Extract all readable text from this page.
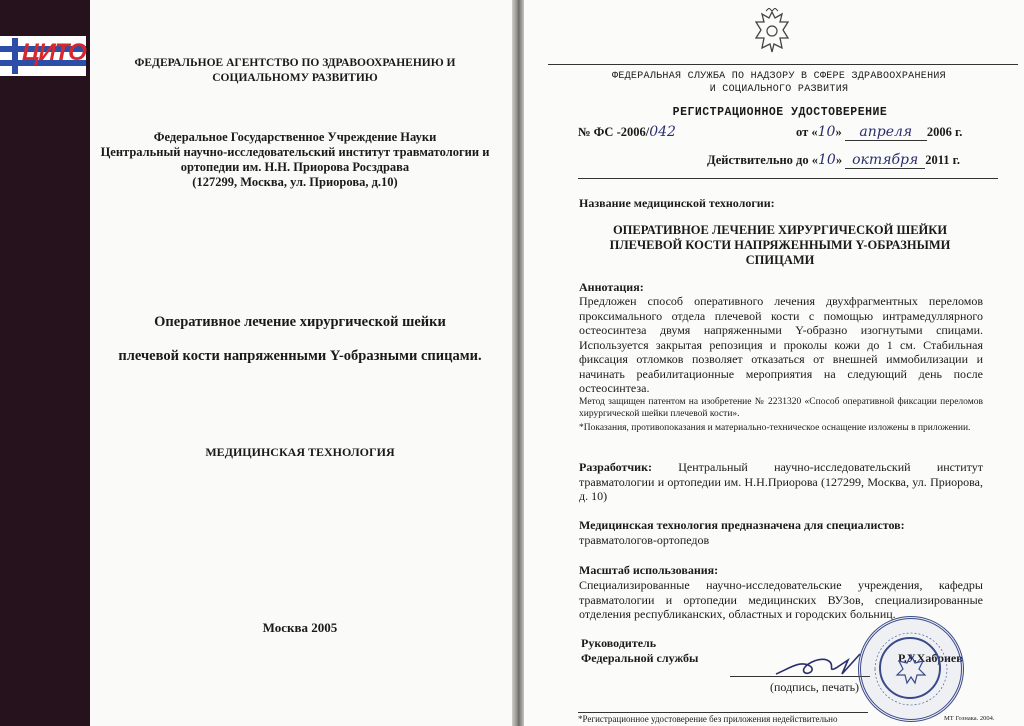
ЦИТО	ФЕДЕРАЛЬНОЕ АГЕНТСТВО ПО ЗДРАВООХРАНЕНИЮ И СОЦИАЛЬНОМУ РАЗВИТИЮ
Федеральное Государственное Учреждение Науки
Центральный научно-исследовательский институт травматологии и
ортопедии им. Н.Н. Приорова Росздрава
(127299, Москва, ул. Приорова, д.10)
Оперативное лечение хирургической шейки
плечевой кости напряженными Y-образными спицами.
МЕДИЦИНСКАЯ ТЕХНОЛОГИЯ
Москва 2005
ФЕДЕРАЛЬНАЯ СЛУЖБА ПО НАДЗОРУ В СФЕРЕ ЗДРАВООХРАНЕНИЯ
И СОЦИАЛЬНОГО РАЗВИТИЯ
РЕГИСТРАЦИОННОЕ УДОСТОВЕРЕНИЕ
№ ФС -2006/042	от «10» апреля 2006 г.
Действительно до «10» октября 2011 г.
Название медицинской технологии:
ОПЕРАТИВНОЕ ЛЕЧЕНИЕ ХИРУРГИЧЕСКОЙ ШЕЙКИ
ПЛЕЧЕВОЙ КОСТИ НАПРЯЖЕННЫМИ Y-ОБРАЗНЫМИ
СПИЦАМИ
Аннотация:
Предложен способ оперативного лечения двухфрагментных переломов проксимального отдела плечевой кости с помощью интрамедуллярного остеосинтеза двумя напряженными Y-образно изогнутыми спицами. Используется закрытая репозиция и проколы кожи до 1 см. Стабильная фиксация отломков позволяет отказаться от внешней иммобилизации и начинать реабилитационные мероприятия на следующий день после остеосинтеза.
Метод защищен патентом на изобретение № 2231320 «Способ оперативной фиксации переломов хирургической шейки плечевой кости».
*Показания, противопоказания и материально-техническое оснащение изложены в приложении.
Разработчик: Центральный научно-исследовательский институт травматологии и ортопедии им. Н.Н.Приорова (127299, Москва, ул. Приорова, д. 10)
Медицинская технология предназначена для специалистов:
травматологов-ортопедов
Масштаб использования:
Специализированные научно-исследовательские учреждения, кафедры травматологии и ортопедии медицинских ВУЗов, специализированные отделения республиканских, областных и городских больниц.
Руководитель
Федеральной службы	Р.У.Хабриев
(подпись, печать)
*Регистрационное удостоверение без приложения недействительно	МТ Гознака. 2004.
